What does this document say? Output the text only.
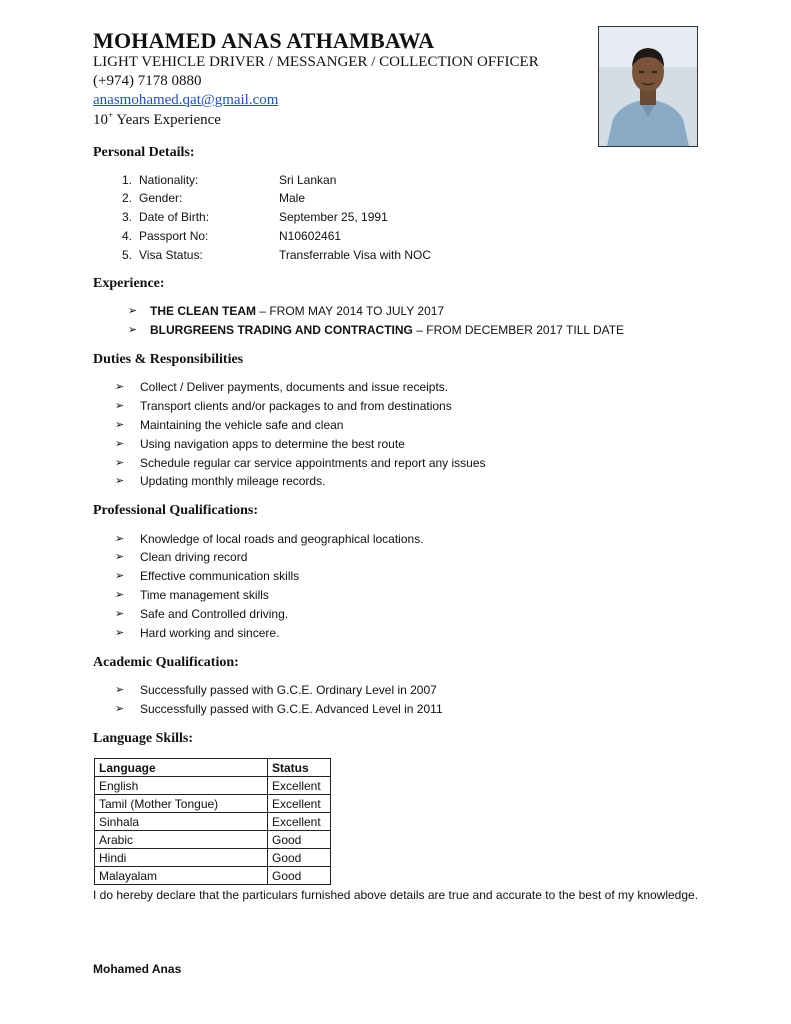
MOHAMED ANAS ATHAMBAWA
LIGHT VEHICLE DRIVER / MESSANGER / COLLECTION OFFICER
(+974) 7178 0880
anasmohamed.qat@gmail.com
10+ Years Experience
Personal Details:
1. Nationality:	Sri Lankan
2. Gender:	Male
3. Date of Birth:	September 25, 1991
4. Passport No:	N10602461
5. Visa Status:	Transferrable Visa with NOC
Experience:
➢ THE CLEAN TEAM – FROM MAY 2014 TO JULY 2017
➢ BLURGREENS TRADING AND CONTRACTING – FROM DECEMBER 2017 TILL DATE
Duties & Responsibilities
➢ Collect / Deliver payments, documents and issue receipts.
➢ Transport clients and/or packages to and from destinations
➢ Maintaining the vehicle safe and clean
➢ Using navigation apps to determine the best route
➢ Schedule regular car service appointments and report any issues
➢ Updating monthly mileage records.
Professional Qualifications:
➢ Knowledge of local roads and geographical locations.
➢ Clean driving record
➢ Effective communication skills
➢ Time management skills
➢ Safe and Controlled driving.
➢ Hard working and sincere.
Academic Qualification:
➢ Successfully passed with G.C.E. Ordinary Level in 2007
➢ Successfully passed with G.C.E. Advanced Level in 2011
Language Skills:
Language	Status
English	Excellent
Tamil (Mother Tongue)	Excellent
Sinhala	Excellent
Arabic	Good
Hindi	Good
Malayalam	Good
I do hereby declare that the particulars furnished above details are true and accurate to the best of my knowledge.
Mohamed Anas
